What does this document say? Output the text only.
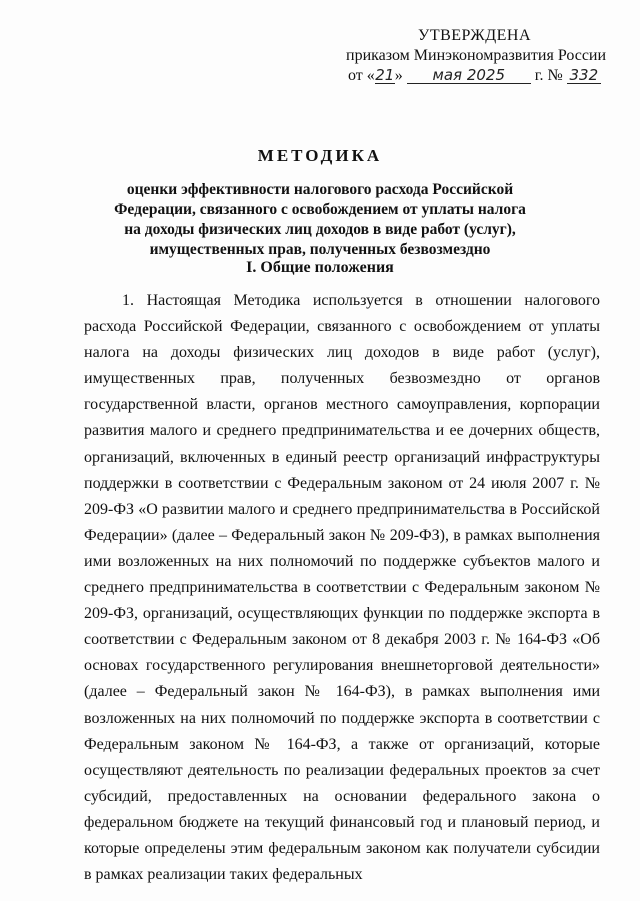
УТВЕРЖДЕНА
приказом Минэкономразвития России
от «21» мая 2025 г. № 332
МЕТОДИКА
оценки эффективности налогового расхода Российской Федерации, связанного с освобождением от уплаты налога на доходы физических лиц доходов в виде работ (услуг), имущественных прав, полученных безвозмездно
I. Общие положения
1. Настоящая Методика используется в отношении налогового расхода Российской Федерации, связанного с освобождением от уплаты налога на доходы физических лиц доходов в виде работ (услуг), имущественных прав, полученных безвозмездно от органов государственной власти, органов местного самоуправления, корпорации развития малого и среднего предпринимательства и ее дочерних обществ, организаций, включенных в единый реестр организаций инфраструктуры поддержки в соответствии с Федеральным законом от 24 июля 2007 г. № 209-ФЗ «О развитии малого и среднего предпринимательства в Российской Федерации» (далее – Федеральный закон № 209-ФЗ), в рамках выполнения ими возложенных на них полномочий по поддержке субъектов малого и среднего предпринимательства в соответствии с Федеральным законом № 209-ФЗ, организаций, осуществляющих функции по поддержке экспорта в соответствии с Федеральным законом от 8 декабря 2003 г. № 164-ФЗ «Об основах государственного регулирования внешнеторговой деятельности» (далее – Федеральный закон № 164-ФЗ), в рамках выполнения ими возложенных на них полномочий по поддержке экспорта в соответствии с Федеральным законом № 164-ФЗ, а также от организаций, которые осуществляют деятельность по реализации федеральных проектов за счет субсидий, предоставленных на основании федерального закона о федеральном бюджете на текущий финансовый год и плановый период, и которые определены этим федеральным законом как получатели субсидии в рамках реализации таких федеральных
